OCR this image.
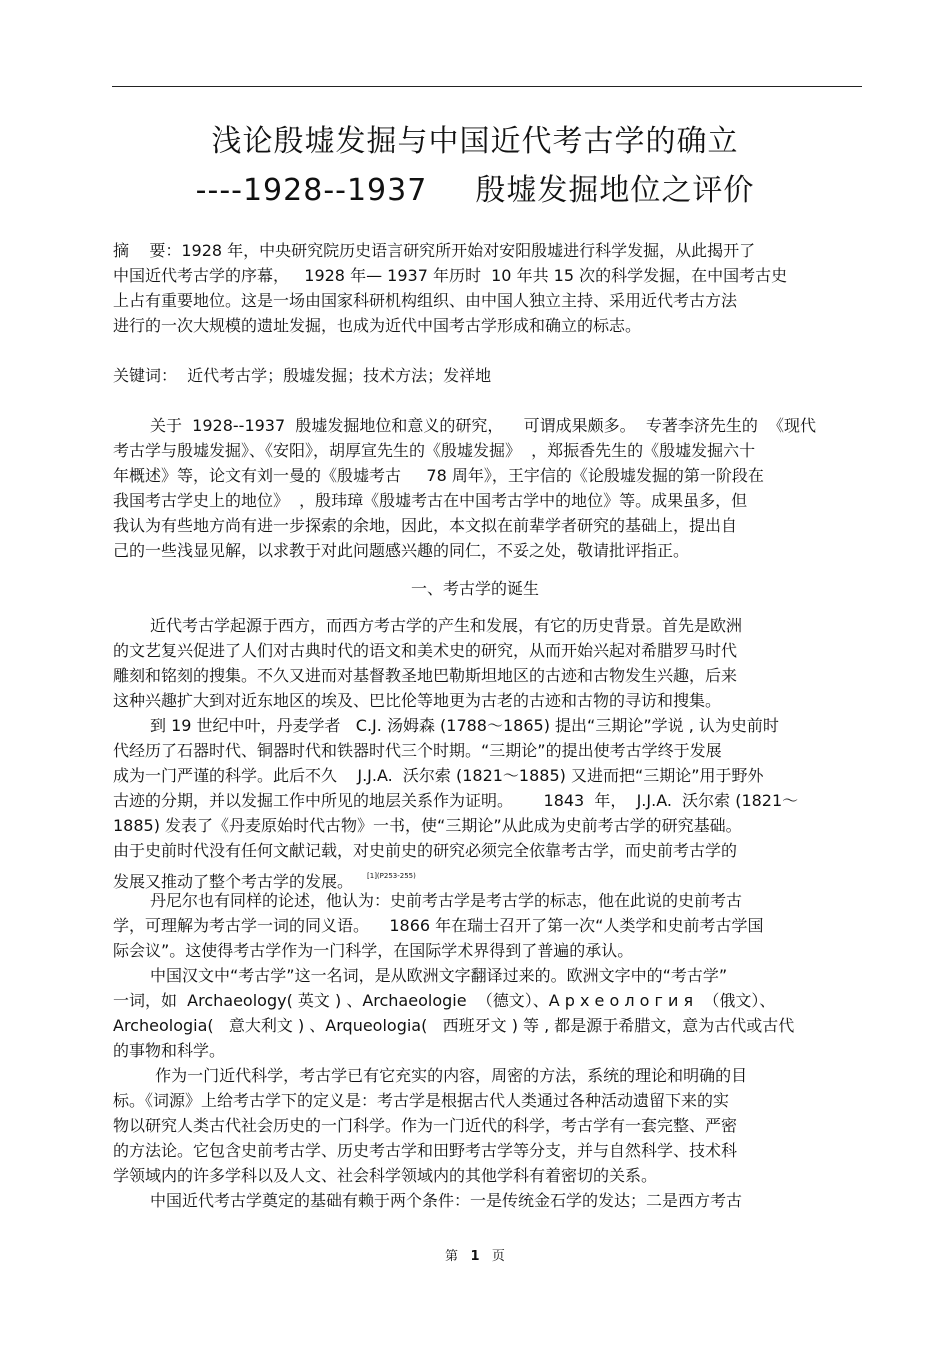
浅论殷墟发掘与中国近代考古学的确立
----1928--1937 殷墟发掘地位之评价
摘    要：1928 年，中央研究院历史语言研究所开始对安阳殷墟进行科学发掘，从此揭开了
中国近代考古学的序幕，   1928 年— 1937 年历时  10 年共 15 次的科学发掘，在中国考古史
上占有重要地位。这是一场由国家科研机构组织、由中国人独立主持、采用近代考古方法
进行的一次大规模的遗址发掘，也成为近代中国考古学形成和确立的标志。
关键词：  近代考古学；殷墟发掘；技术方法；发祥地
关于  1928--1937  殷墟发掘地位和意义的研究，    可谓成果颇多。  专著李济先生的  《现代
考古学与殷墟发掘》、《安阳》，胡厚宣先生的《殷墟发掘》  ，郑振香先生的《殷墟发掘六十
年概述》等，论文有刘一曼的《殷墟考古     78 周年》，王宇信的《论殷墟发掘的第一阶段在
我国考古学史上的地位》  ，殷玮璋《殷墟考古在中国考古学中的地位》等。成果虽多，但
我认为有些地方尚有进一步探索的余地，因此，本文拟在前辈学者研究的基础上，提出自
己的一些浅显见解，以求教于对此问题感兴趣的同仁，不妥之处，敬请批评指正。
一、考古学的诞生
近代考古学起源于西方，而西方考古学的产生和发展，有它的历史背景。首先是欧洲
的文艺复兴促进了人们对古典时代的语文和美术史的研究，从而开始兴起对希腊罗马时代
雕刻和铭刻的搜集。不久又进而对基督教圣地巴勒斯坦地区的古迹和古物发生兴趣，后来
这种兴趣扩大到对近东地区的埃及、巴比伦等地更为古老的古迹和古物的寻访和搜集。
到 19 世纪中叶，丹麦学者   C.J. 汤姆森 (1788～1865) 提出“三期论”学说 , 认为史前时
代经历了石器时代、铜器时代和铁器时代三个时期。“三期论”的提出使考古学终于发展
成为一门严谨的科学。此后不久    J.J.A.  沃尔索 (1821～1885) 又进而把“三期论”用于野外
古迹的分期，并以发掘工作中所见的地层关系作为证明。      1843  年，  J.J.A.  沃尔索 (1821～
1885) 发表了《丹麦原始时代古物》一书，使“三期论”从此成为史前考古学的研究基础。
由于史前时代没有任何文献记载，对史前史的研究必须完全依靠考古学，而史前考古学的
发展又推动了整个考古学的发展。 $^{[1](P253-255)}$
丹尼尔也有同样的论述，他认为：史前考古学是考古学的标志，他在此说的史前考古
学，可理解为考古学一词的同义语。    1866 年在瑞士召开了第一次“人类学和史前考古学国
际会议”。这使得考古学作为一门科学，在国际学术界得到了普遍的承认。
中国汉文中“考古学”这一名词，是从欧洲文字翻译过来的。欧洲文字中的“考古学”
一词，如  Archaeology( 英文 ) 、Archaeologie  （德文）、А р х е о л о г и я  （俄文）、
Archeologia(   意大利文 ) 、Arqueologia(   西班牙文 ) 等 , 都是源于希腊文，意为古代或古代
的事物和科学。
作为一门近代科学，考古学已有它充实的内容，周密的方法，系统的理论和明确的目
标。《词源》上给考古学下的定义是：考古学是根据古代人类通过各种活动遗留下来的实
物以研究人类古代社会历史的一门科学。作为一门近代的科学，考古学有一套完整、严密
的方法论。它包含史前考古学、历史考古学和田野考古学等分支，并与自然科学、技术科
学领域内的许多学科以及人文、社会科学领域内的其他学科有着密切的关系。
中国近代考古学奠定的基础有赖于两个条件：一是传统金石学的发达；二是西方考古
第 1 页
